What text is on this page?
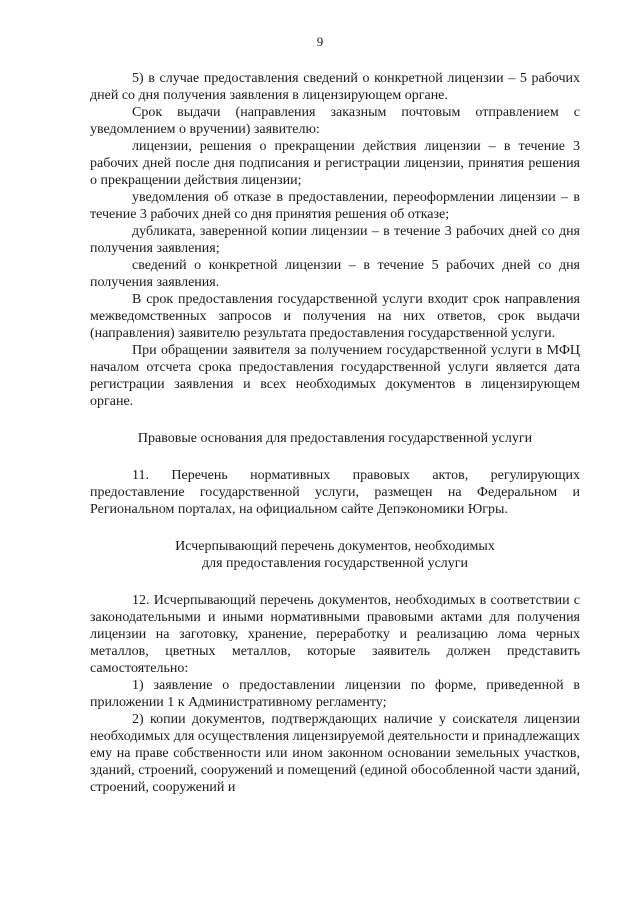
9

5) в случае предоставления сведений о конкретной лицензии – 5 рабочих дней со дня получения заявления в лицензирующем органе.

Срок выдачи (направления заказным почтовым отправлением с уведомлением о вручении) заявителю:

лицензии, решения о прекращении действия лицензии – в течение 3 рабочих дней после дня подписания и регистрации лицензии, принятия решения о прекращении действия лицензии;

уведомления об отказе в предоставлении, переоформлении лицензии – в течение 3 рабочих дней со дня принятия решения об отказе;

дубликата, заверенной копии лицензии – в течение 3 рабочих дней со дня получения заявления;

сведений о конкретной лицензии – в течение 5 рабочих дней со дня получения заявления.

В срок предоставления государственной услуги входит срок направления межведомственных запросов и получения на них ответов, срок выдачи (направления) заявителю результата предоставления государственной услуги.

При обращении заявителя за получением государственной услуги в МФЦ началом отсчета срока предоставления государственной услуги является дата регистрации заявления и всех необходимых документов в лицензирующем органе.

Правовые основания для предоставления государственной услуги

11. Перечень нормативных правовых актов, регулирующих предоставление государственной услуги, размещен на Федеральном и Региональном порталах, на официальном сайте Депэкономики Югры.

Исчерпывающий перечень документов, необходимых

для предоставления государственной услуги

12. Исчерпывающий перечень документов, необходимых в соответствии с законодательными и иными нормативными правовыми актами для получения лицензии на заготовку, хранение, переработку и реализацию лома черных металлов, цветных металлов, которые заявитель должен представить самостоятельно:

1) заявление о предоставлении лицензии по форме, приведенной в приложении 1 к Административному регламенту;

2) копии документов, подтверждающих наличие у соискателя лицензии необходимых для осуществления лицензируемой деятельности и принадлежащих ему на праве собственности или ином законном основании земельных участков, зданий, строений, сооружений и помещений (единой обособленной части зданий, строений, сооружений и
